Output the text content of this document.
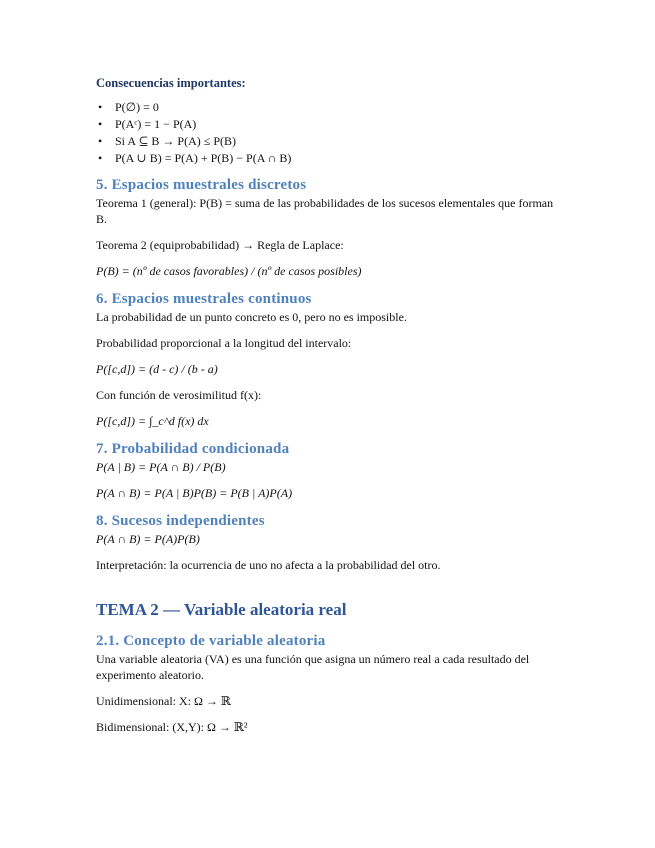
Consecuencias importantes:
• P(∅) = 0
• P(Aᶜ) = 1 − P(A)
• Si A ⊆ B → P(A) ≤ P(B)
• P(A ∪ B) = P(A) + P(B) − P(A ∩ B)
5. Espacios muestrales discretos

Teorema 1 (general): P(B) = suma de las probabilidades de los sucesos elementales que forman B.

Teorema 2 (equiprobabilidad) → Regla de Laplace:

P(B) = (nº de casos favorables) / (nº de casos posibles)

6. Espacios muestrales continuos

La probabilidad de un punto concreto es 0, pero no es imposible.

Probabilidad proporcional a la longitud del intervalo:

P([c,d]) = (d - c) / (b - a)

Con función de verosimilitud f(x):

P([c,d]) = ∫_c^d f(x) dx

7. Probabilidad condicionada

P(A | B) = P(A ∩ B) / P(B)

P(A ∩ B) = P(A | B)P(B) = P(B | A)P(A)

8. Sucesos independientes

P(A ∩ B) = P(A)P(B)

Interpretación: la ocurrencia de uno no afecta a la probabilidad del otro.

TEMA 2 — Variable aleatoria real
2.1. Concepto de variable aleatoria

Una variable aleatoria (VA) es una función que asigna un número real a cada resultado del experimento aleatorio.

Unidimensional: X: Ω → ℝ

Bidimensional: (X,Y): Ω → ℝ²
